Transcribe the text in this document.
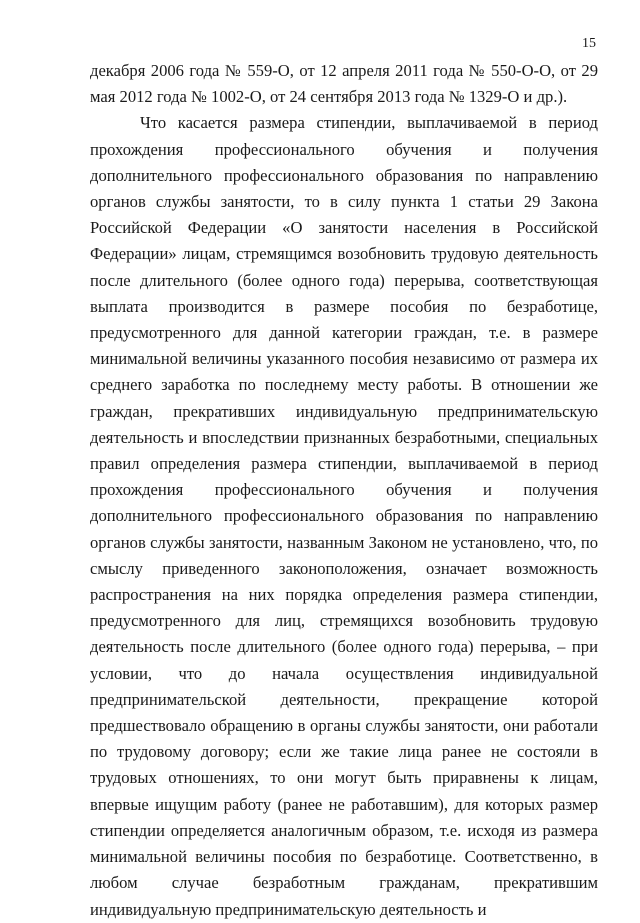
15

декабря 2006 года № 559-О, от 12 апреля 2011 года № 550-О-О, от 29 мая 2012 года № 1002-О, от 24 сентября 2013 года № 1329-О и др.).

Что касается размера стипендии, выплачиваемой в период прохождения профессионального обучения и получения дополнительного профессионального образования по направлению органов службы занятости, то в силу пункта 1 статьи 29 Закона Российской Федерации «О занятости населения в Российской Федерации» лицам, стремящимся возобновить трудовую деятельность после длительного (более одного года) перерыва, соответствующая выплата производится в размере пособия по безработице, предусмотренного для данной категории граждан, т.е. в размере минимальной величины указанного пособия независимо от размера их среднего заработка по последнему месту работы. В отношении же граждан, прекративших индивидуальную предпринимательскую деятельность и впоследствии признанных безработными, специальных правил определения размера стипендии, выплачиваемой в период прохождения профессионального обучения и получения дополнительного профессионального образования по направлению органов службы занятости, названным Законом не установлено, что, по смыслу приведенного законоположения, означает возможность распространения на них порядка определения размера стипендии, предусмотренного для лиц, стремящихся возобновить трудовую деятельность после длительного (более одного года) перерыва, – при условии, что до начала осуществления индивидуальной предпринимательской деятельности, прекращение которой предшествовало обращению в органы службы занятости, они работали по трудовому договору; если же такие лица ранее не состояли в трудовых отношениях, то они могут быть приравнены к лицам, впервые ищущим работу (ранее не работавшим), для которых размер стипендии определяется аналогичным образом, т.е. исходя из размера минимальной величины пособия по безработице. Соответственно, в любом случае безработным гражданам, прекратившим индивидуальную предпринимательскую деятельность и
